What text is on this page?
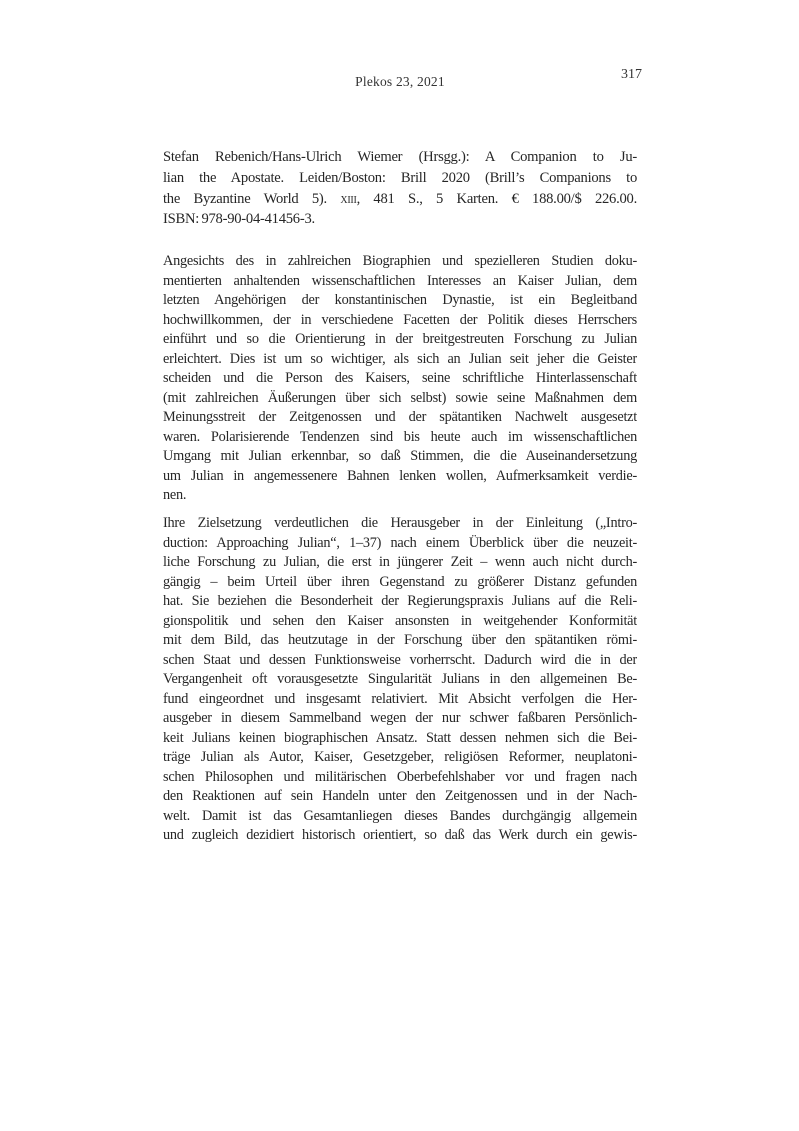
Plekos 23, 2021	317
Stefan Rebenich/Hans-Ulrich Wiemer (Hrsgg.): A Companion to Ju-
lian the Apostate. Leiden/Boston: Brill 2020 (Brill’s Companions to
the Byzantine World 5). xiii, 481 S., 5 Karten. € 188.00/$ 226.00.
ISBN: 978-90-04-41456-3.
Angesichts des in zahlreichen Biographien und spezielleren Studien doku-
mentierten anhaltenden wissenschaftlichen Interesses an Kaiser Julian, dem
letzten Angehörigen der konstantinischen Dynastie, ist ein Begleitband
hochwillkommen, der in verschiedene Facetten der Politik dieses Herrschers
einführt und so die Orientierung in der breitgestreuten Forschung zu Julian
erleichtert. Dies ist um so wichtiger, als sich an Julian seit jeher die Geister
scheiden und die Person des Kaisers, seine schriftliche Hinterlassenschaft
(mit zahlreichen Äußerungen über sich selbst) sowie seine Maßnahmen dem
Meinungsstreit der Zeitgenossen und der spätantiken Nachwelt ausgesetzt
waren. Polarisierende Tendenzen sind bis heute auch im wissenschaftlichen
Umgang mit Julian erkennbar, so daß Stimmen, die die Auseinandersetzung
um Julian in angemessenere Bahnen lenken wollen, Aufmerksamkeit verdie-
nen.
Ihre Zielsetzung verdeutlichen die Herausgeber in der Einleitung („Intro-
duction: Approaching Julian“, 1–37) nach einem Überblick über die neuzeit-
liche Forschung zu Julian, die erst in jüngerer Zeit – wenn auch nicht durch-
gängig – beim Urteil über ihren Gegenstand zu größerer Distanz gefunden
hat. Sie beziehen die Besonderheit der Regierungspraxis Julians auf die Reli-
gionspolitik und sehen den Kaiser ansonsten in weitgehender Konformität
mit dem Bild, das heutzutage in der Forschung über den spätantiken römi-
schen Staat und dessen Funktionsweise vorherrscht. Dadurch wird die in der
Vergangenheit oft vorausgesetzte Singularität Julians in den allgemeinen Be-
fund eingeordnet und insgesamt relativiert. Mit Absicht verfolgen die Her-
ausgeber in diesem Sammelband wegen der nur schwer faßbaren Persönlich-
keit Julians keinen biographischen Ansatz. Statt dessen nehmen sich die Bei-
träge Julian als Autor, Kaiser, Gesetzgeber, religiösen Reformer, neuplatoni-
schen Philosophen und militärischen Oberbefehlshaber vor und fragen nach
den Reaktionen auf sein Handeln unter den Zeitgenossen und in der Nach-
welt. Damit ist das Gesamtanliegen dieses Bandes durchgängig allgemein
und zugleich dezidiert historisch orientiert, so daß das Werk durch ein gewis-
